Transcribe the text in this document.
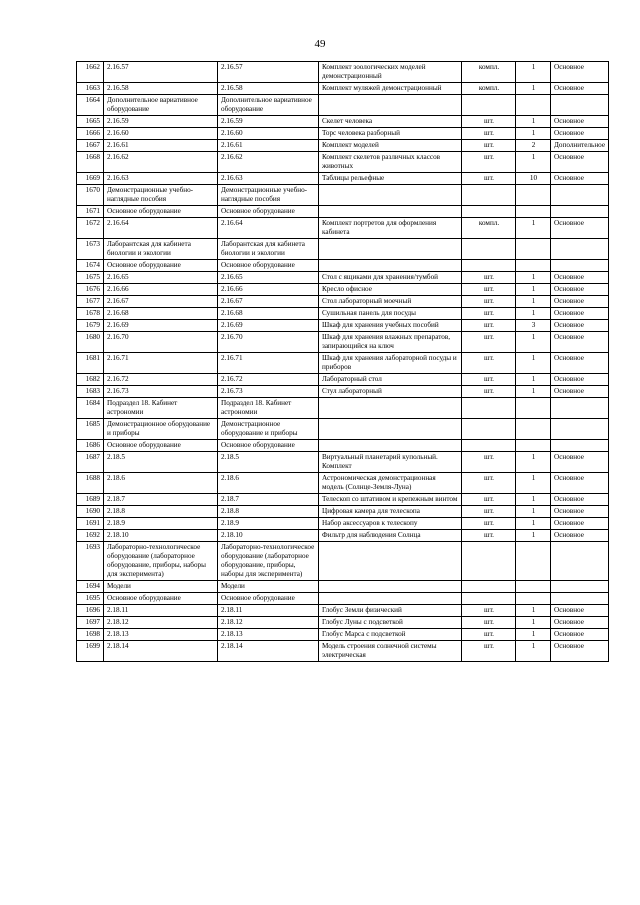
49
1662	2.16.57	2.16.57	Комплект зоологических моделей демонстрационный	компл.	1	Основное
1663	2.16.58	2.16.58	Комплект муляжей демонстрационный	компл.	1	Основное
1664	Дополнительное вариативное оборудование	Дополнительное вариативное оборудование				
1665	2.16.59	2.16.59	Скелет человека	шт.	1	Основное
1666	2.16.60	2.16.60	Торс человека разборный	шт.	1	Основное
1667	2.16.61	2.16.61	Комплект моделей	шт.	2	Дополнительное
1668	2.16.62	2.16.62	Комплект скелетов различных классов животных	шт.	1	Основное
1669	2.16.63	2.16.63	Таблицы рельефные	шт.	10	Основное
1670	Демонстрационные учебно-наглядные пособия	Демонстрационные учебно-наглядные пособия				
1671	Основное оборудование	Основное оборудование				
1672	2.16.64	2.16.64	Комплект портретов для оформления кабинета	компл.	1	Основное
1673	Лаборантская для кабинета биологии и экологии	Лаборантская для кабинета биологии и экологии				
1674	Основное оборудование	Основное оборудование				
1675	2.16.65	2.16.65	Стол с ящиками для хранения/тумбой	шт.	1	Основное
1676	2.16.66	2.16.66	Кресло офисное	шт.	1	Основное
1677	2.16.67	2.16.67	Стол лабораторный моечный	шт.	1	Основное
1678	2.16.68	2.16.68	Сушильная панель для посуды	шт.	1	Основное
1679	2.16.69	2.16.69	Шкаф для хранения учебных пособий	шт.	3	Основное
1680	2.16.70	2.16.70	Шкаф для хранения влажных препаратов, запирающийся на ключ	шт.	1	Основное
1681	2.16.71	2.16.71	Шкаф для хранения лабораторной посуды и приборов	шт.	1	Основное
1682	2.16.72	2.16.72	Лабораторный стол	шт.	1	Основное
1683	2.16.73	2.16.73	Стул лабораторный	шт.	1	Основное
1684	Подраздел 18. Кабинет астрономии	Подраздел 18. Кабинет астрономии				
1685	Демонстрационное оборудование и приборы	Демонстрационное оборудование и приборы				
1686	Основное оборудование	Основное оборудование				
1687	2.18.5	2.18.5	Виртуальный планетарий купольный. Комплект	шт.	1	Основное
1688	2.18.6	2.18.6	Астрономическая демонстрационная модель (Солнце-Земля-Луна)	шт.	1	Основное
1689	2.18.7	2.18.7	Телескоп со штативом и крепежным винтом	шт.	1	Основное
1690	2.18.8	2.18.8	Цифровая камера для телескопа	шт.	1	Основное
1691	2.18.9	2.18.9	Набор аксессуаров к телескопу	шт.	1	Основное
1692	2.18.10	2.18.10	Фильтр для наблюдения Солнца	шт.	1	Основное
1693	Лабораторно-технологическое оборудование (лабораторное оборудование, приборы, наборы для эксперимента)	Лабораторно-технологическое оборудование (лабораторное оборудование, приборы, наборы для эксперимента)				
1694	Модели	Модели				
1695	Основное оборудование	Основное оборудование				
1696	2.18.11	2.18.11	Глобус Земли физический	шт.	1	Основное
1697	2.18.12	2.18.12	Глобус Луны с подсветкой	шт.	1	Основное
1698	2.18.13	2.18.13	Глобус Марса с подсветкой	шт.	1	Основное
1699	2.18.14	2.18.14	Модель строения солнечной системы электрическая	шт.	1	Основное
